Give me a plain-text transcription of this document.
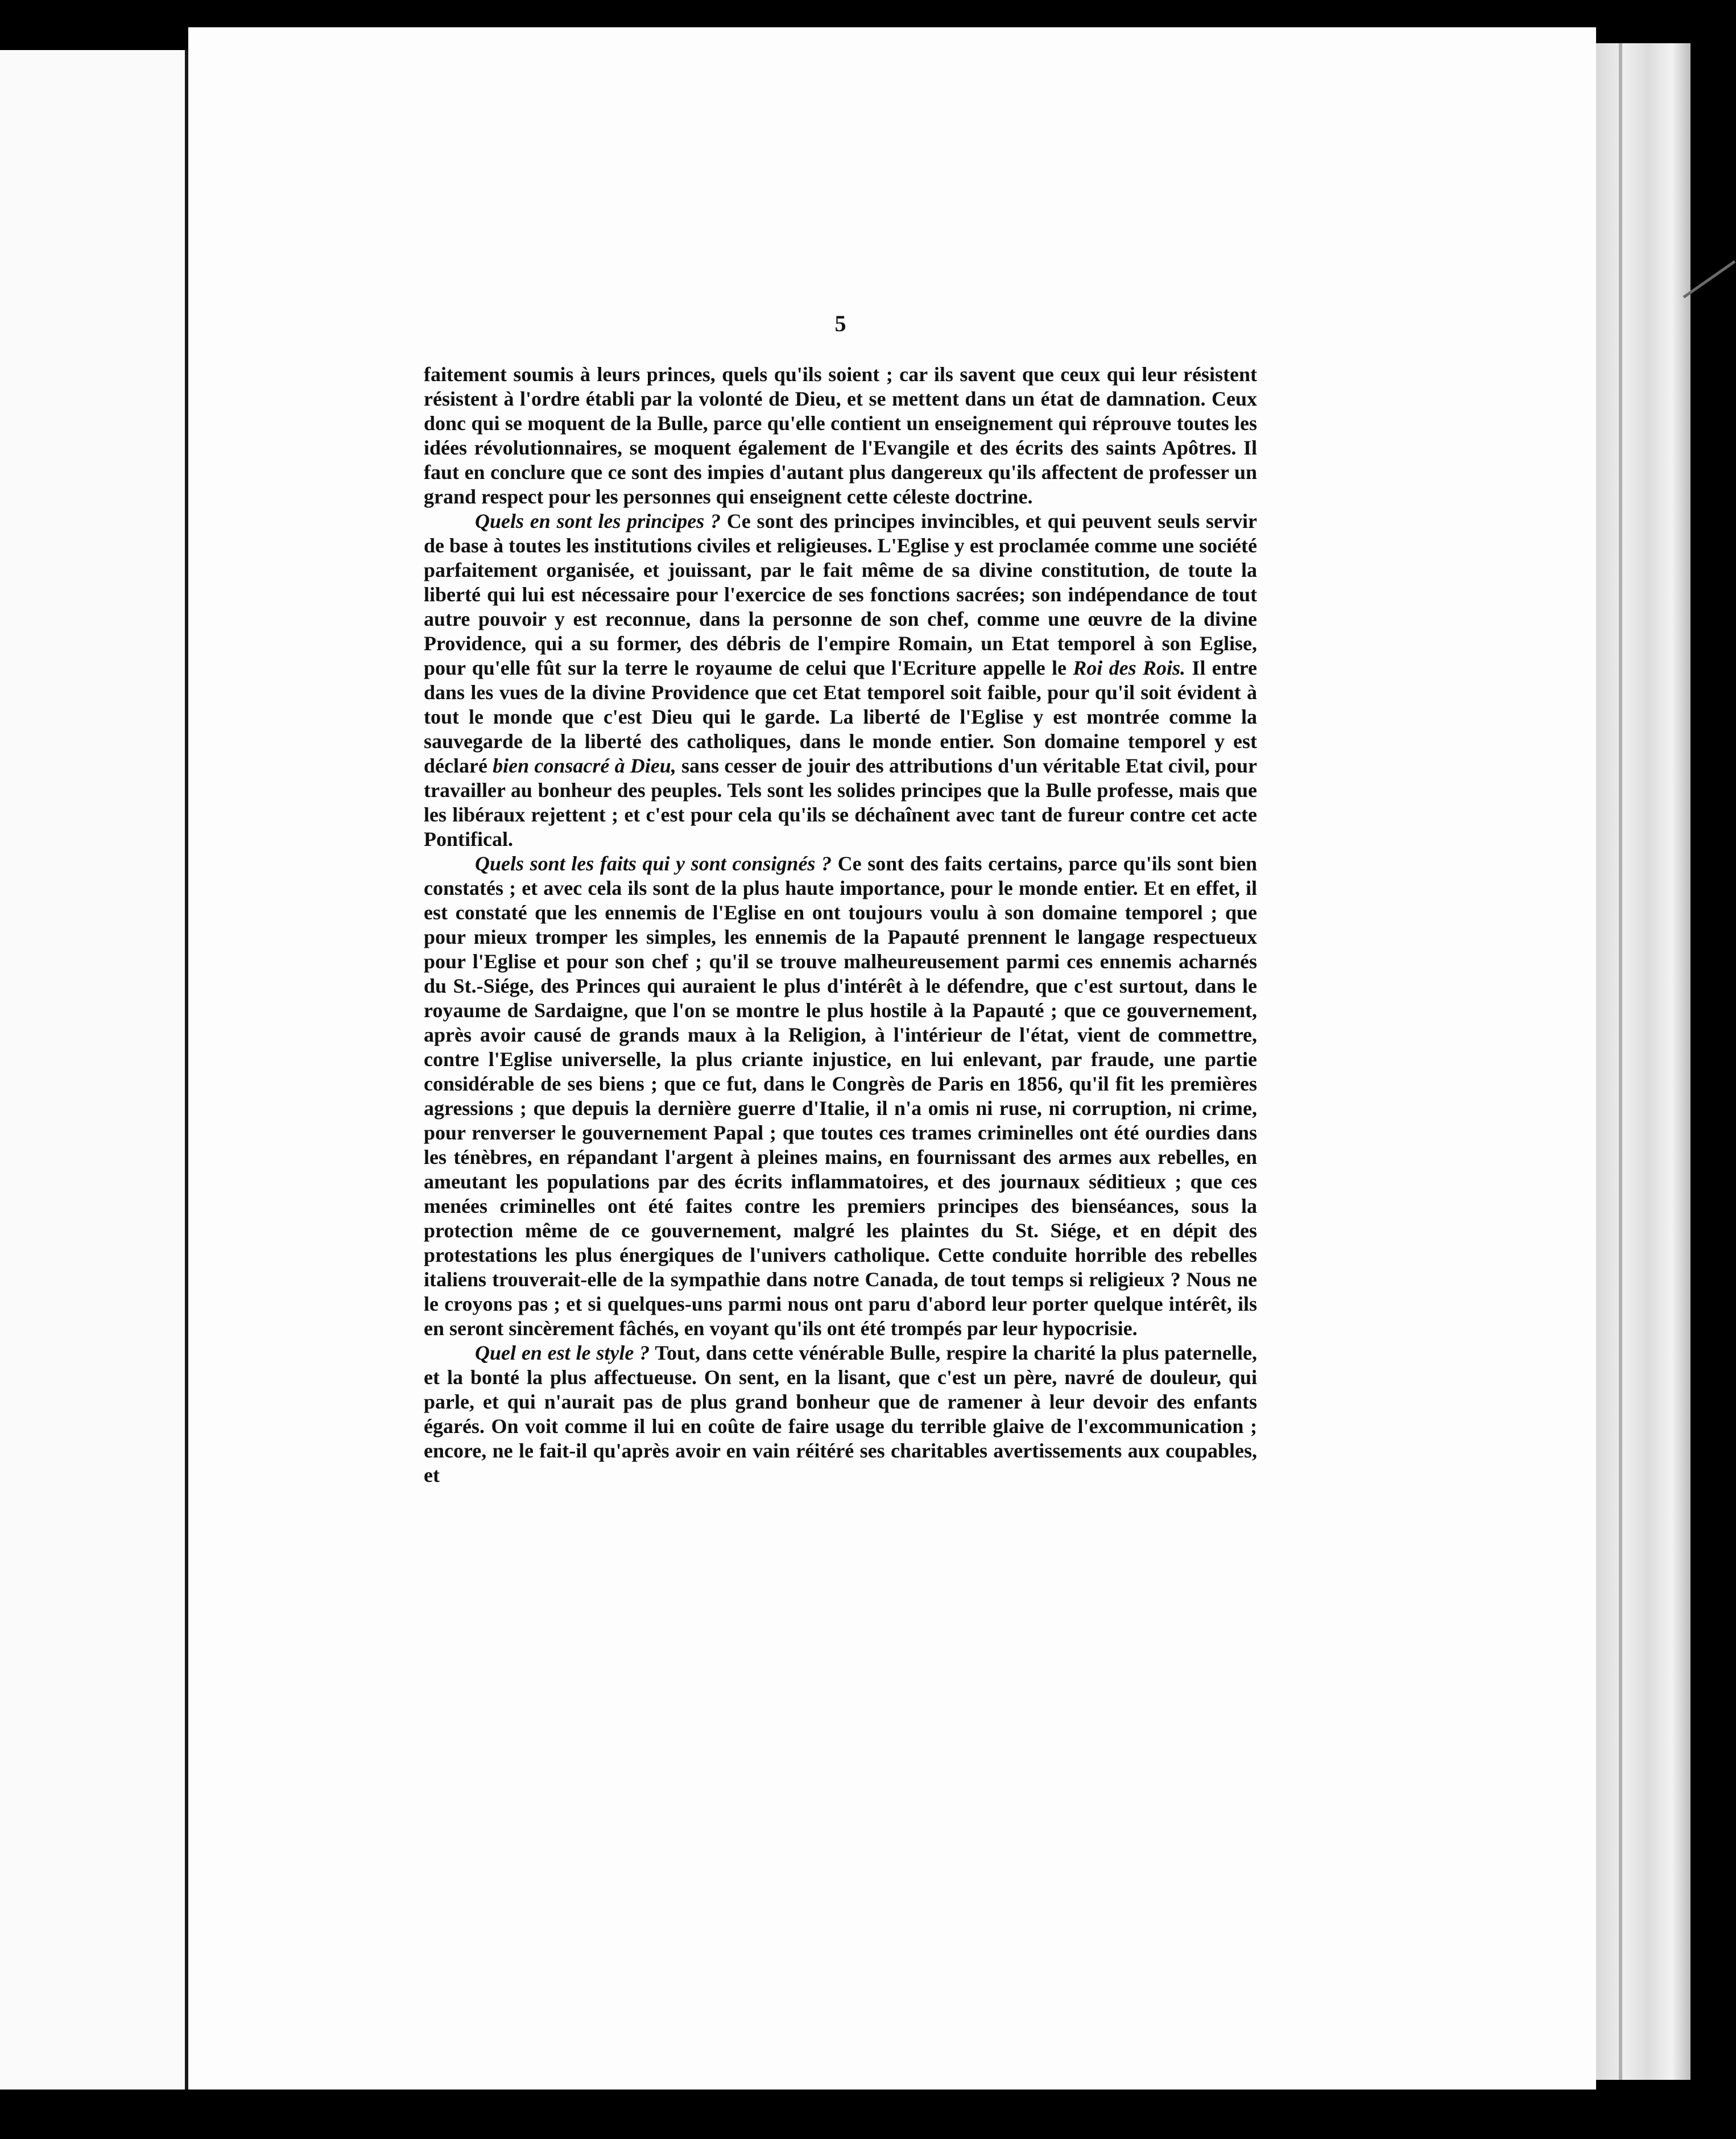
5

faitement soumis à leurs princes, quels qu'ils soient ; car ils savent que ceux qui leur résistent résistent à l'ordre établi par la volonté de Dieu, et se mettent dans un état de damnation. Ceux donc qui se moquent de la Bulle, parce qu'elle contient un enseignement qui réprouve toutes les idées révolutionnaires, se moquent également de l'Evangile et des écrits des saints Apôtres. Il faut en conclure que ce sont des impies d'autant plus dangereux qu'ils affectent de professer un grand respect pour les personnes qui enseignent cette céleste doctrine.

Quels en sont les principes ? Ce sont des principes invincibles, et qui peuvent seuls servir de base à toutes les institutions civiles et religieuses. L'Eglise y est proclamée comme une société parfaitement organisée, et jouissant, par le fait même de sa divine constitution, de toute la liberté qui lui est nécessaire pour l'exercice de ses fonctions sacrées; son indépendance de tout autre pouvoir y est reconnue, dans la personne de son chef, comme une œuvre de la divine Providence, qui a su former, des débris de l'empire Romain, un Etat temporel à son Eglise, pour qu'elle fût sur la terre le royaume de celui que l'Ecriture appelle le Roi des Rois. Il entre dans les vues de la divine Providence que cet Etat temporel soit faible, pour qu'il soit évident à tout le monde que c'est Dieu qui le garde. La liberté de l'Eglise y est montrée comme la sauvegarde de la liberté des catholiques, dans le monde entier. Son domaine temporel y est déclaré bien consacré à Dieu, sans cesser de jouir des attributions d'un véritable Etat civil, pour travailler au bonheur des peuples. Tels sont les solides principes que la Bulle professe, mais que les libéraux rejettent ; et c'est pour cela qu'ils se déchaînent avec tant de fureur contre cet acte Pontifical.

Quels sont les faits qui y sont consignés ? Ce sont des faits certains, parce qu'ils sont bien constatés ; et avec cela ils sont de la plus haute importance, pour le monde entier. Et en effet, il est constaté que les ennemis de l'Eglise en ont toujours voulu à son domaine temporel ; que pour mieux tromper les simples, les ennemis de la Papauté prennent le langage respectueux pour l'Eglise et pour son chef ; qu'il se trouve malheureusement parmi ces ennemis acharnés du St.-Siége, des Princes qui auraient le plus d'intérêt à le défendre, que c'est surtout, dans le royaume de Sardaigne, que l'on se montre le plus hostile à la Papauté ; que ce gouvernement, après avoir causé de grands maux à la Religion, à l'intérieur de l'état, vient de commettre, contre l'Eglise universelle, la plus criante injustice, en lui enlevant, par fraude, une partie considérable de ses biens ; que ce fut, dans le Congrès de Paris en 1856, qu'il fit les premières agressions ; que depuis la dernière guerre d'Italie, il n'a omis ni ruse, ni corruption, ni crime, pour renverser le gouvernement Papal ; que toutes ces trames criminelles ont été ourdies dans les ténèbres, en répandant l'argent à pleines mains, en fournissant des armes aux rebelles, en ameutant les populations par des écrits inflammatoires, et des journaux séditieux ; que ces menées criminelles ont été faites contre les premiers principes des bienséances, sous la protection même de ce gouvernement, malgré les plaintes du St. Siége, et en dépit des protestations les plus énergiques de l'univers catholique. Cette conduite horrible des rebelles italiens trouverait-elle de la sympathie dans notre Canada, de tout temps si religieux ? Nous ne le croyons pas ; et si quelques-uns parmi nous ont paru d'abord leur porter quelque intérêt, ils en seront sincèrement fâchés, en voyant qu'ils ont été trompés par leur hypocrisie.

Quel en est le style ? Tout, dans cette vénérable Bulle, respire la charité la plus paternelle, et la bonté la plus affectueuse. On sent, en la lisant, que c'est un père, navré de douleur, qui parle, et qui n'aurait pas de plus grand bonheur que de ramener à leur devoir des enfants égarés. On voit comme il lui en coûte de faire usage du terrible glaive de l'excommunication ; encore, ne le fait-il qu'après avoir en vain réitéré ses charitables avertissements aux coupables, et
